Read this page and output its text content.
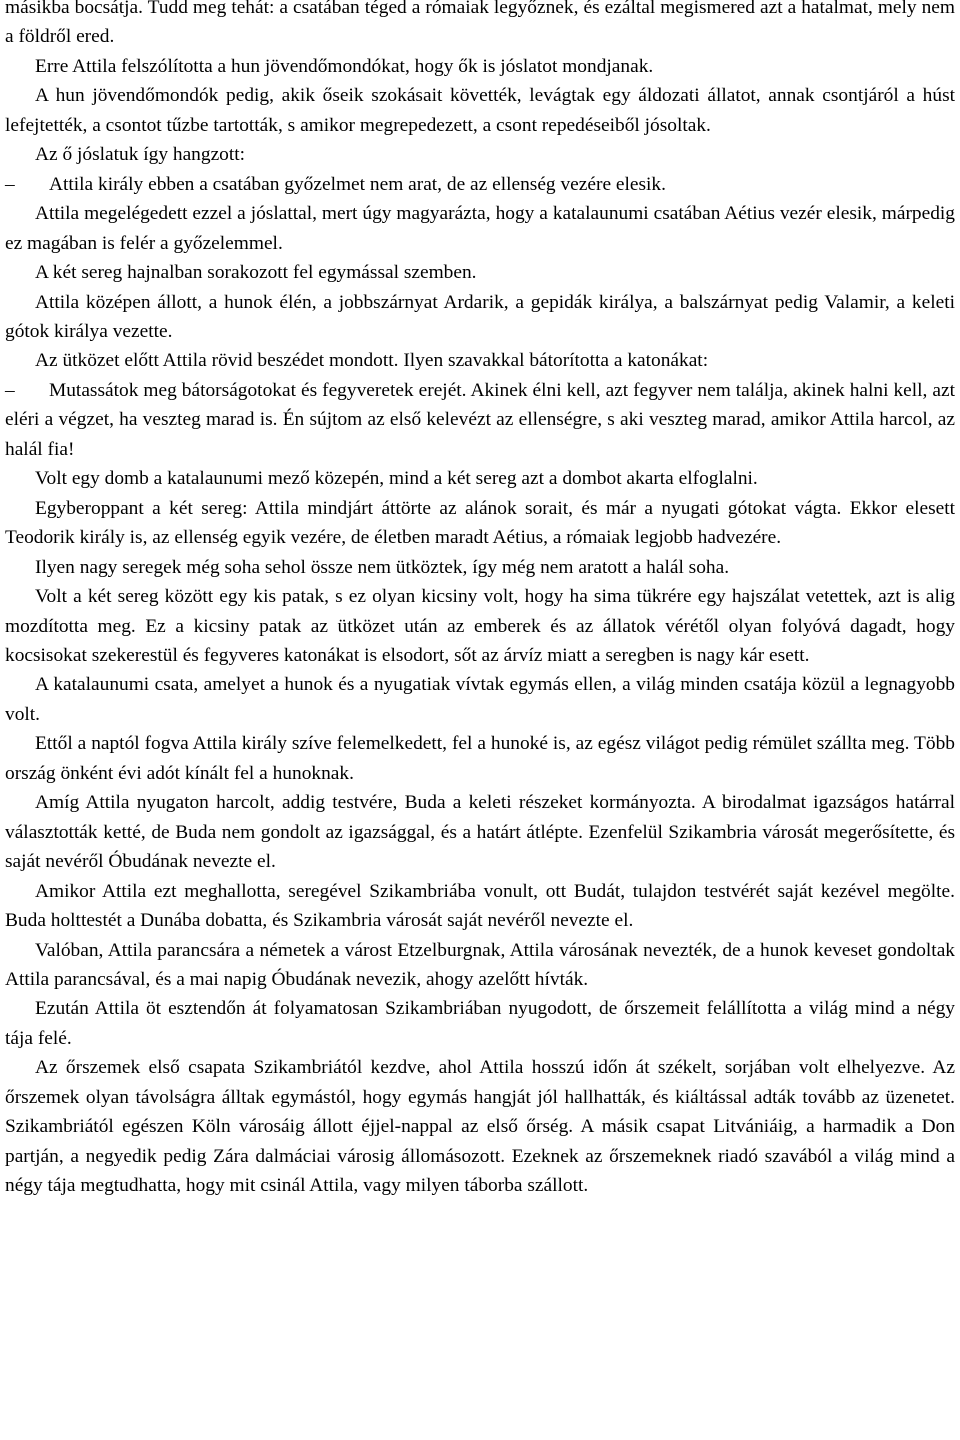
másikba bocsátja. Tudd meg tehát: a csatában téged a rómaiak legyőznek, és ezáltal megismered azt a hatalmat, mely nem a földről ered.

Erre Attila felszólította a hun jövendőmondókat, hogy ők is jóslatot mondjanak.

A hun jövendőmondók pedig, akik őseik szokásait követték, levágtak egy áldozati állatot, annak csontjáról a húst lefejtették, a csontot tűzbe tartották, s amikor megrepedezett, a csont repedéseiből jósoltak.

Az ő jóslatuk így hangzott:

– Attila király ebben a csatában győzelmet nem arat, de az ellenség vezére elesik.

Attila megelégedett ezzel a jóslattal, mert úgy magyarázta, hogy a katalaunumi csatában Aétius vezér elesik, márpedig ez magában is felér a győzelemmel.

A két sereg hajnalban sorakozott fel egymással szemben.

Attila középen állott, a hunok élén, a jobbszárnyat Ardarik, a gepidák királya, a balszárnyat pedig Valamir, a keleti gótok királya vezette.

Az ütközet előtt Attila rövid beszédet mondott. Ilyen szavakkal bátorította a katonákat:

– Mutassátok meg bátorságotokat és fegyveretek erejét. Akinek élni kell, azt fegyver nem találja, akinek halni kell, azt eléri a végzet, ha veszteg marad is. Én sújtom az első kelevézt az ellenségre, s aki veszteg marad, amikor Attila harcol, az halál fia!

Volt egy domb a katalaunumi mező közepén, mind a két sereg azt a dombot akarta elfoglalni.

Egyberoppant a két sereg: Attila mindjárt áttörte az alánok sorait, és már a nyugati gótokat vágta. Ekkor elesett Teodorik király is, az ellenség egyik vezére, de életben maradt Aétius, a rómaiak legjobb hadvezére.

Ilyen nagy seregek még soha sehol össze nem ütköztek, így még nem aratott a halál soha.

Volt a két sereg között egy kis patak, s ez olyan kicsiny volt, hogy ha sima tükrére egy hajszálat vetettek, azt is alig mozdította meg. Ez a kicsiny patak az ütközet után az emberek és az állatok vérétől olyan folyóvá dagadt, hogy kocsisokat szekerestül és fegyveres katonákat is elsodort, sőt az árvíz miatt a seregben is nagy kár esett.

A katalaunumi csata, amelyet a hunok és a nyugatiak vívtak egymás ellen, a világ minden csatája közül a legnagyobb volt.

Ettől a naptól fogva Attila király szíve felemelkedett, fel a hunoké is, az egész világot pedig rémület szállta meg. Több ország önként évi adót kínált fel a hunoknak.

Amíg Attila nyugaton harcolt, addig testvére, Buda a keleti részeket kormányozta. A birodalmat igazságos határral választották ketté, de Buda nem gondolt az igazsággal, és a határt átlépte. Ezenfelül Szikambria városát megerősítette, és saját nevéről Óbudának nevezte el.

Amikor Attila ezt meghallotta, seregével Szikambriába vonult, ott Budát, tulajdon testvérét saját kezével megölte. Buda holttestét a Dunába dobatta, és Szikambria városát saját nevéről nevezte el.

Valóban, Attila parancsára a németek a várost Etzelburgnak, Attila városának nevezték, de a hunok keveset gondoltak Attila parancsával, és a mai napig Óbudának nevezik, ahogy azelőtt hívták.

Ezután Attila öt esztendőn át folyamatosan Szikambriában nyugodott, de őrszemeit felállította a világ mind a négy tája felé.

Az őrszemek első csapata Szikambriától kezdve, ahol Attila hosszú időn át székelt, sorjában volt elhelyezve. Az őrszemek olyan távolságra álltak egymástól, hogy egymás hangját jól hallhatták, és kiáltással adták tovább az üzenetet. Szikambriától egészen Köln városáig állott éjjel-nappal az első őrség. A másik csapat Litvániáig, a harmadik a Don partján, a negyedik pedig Zára dalmáciai városig állomásozott. Ezeknek az őrszemeknek riadó szavából a világ mind a négy tája megtudhatta, hogy mit csinál Attila, vagy milyen táborba szállott.
